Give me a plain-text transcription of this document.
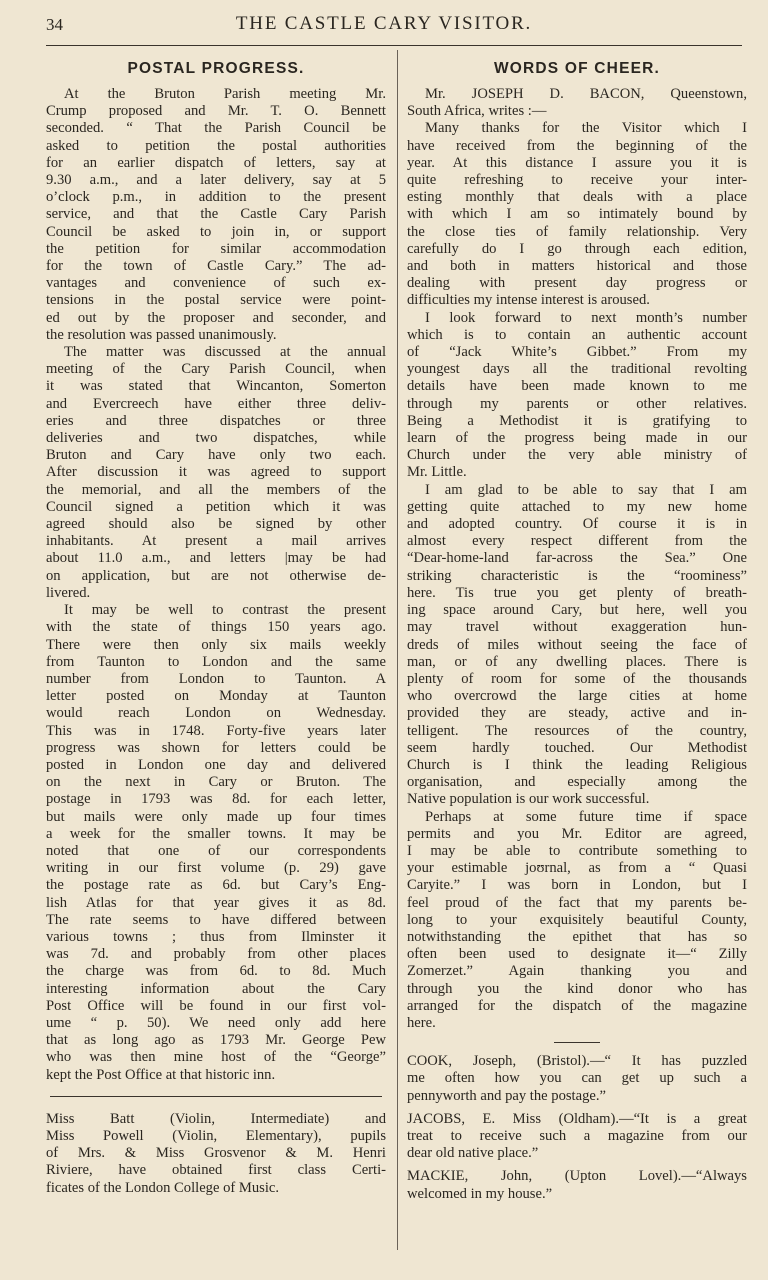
34	THE CASTLE CARY VISITOR.
POSTAL PROGRESS.

At the Bruton Parish meeting Mr.
Crump proposed and Mr. T. O. Bennett
seconded. “ That the Parish Council be
asked to petition the postal authorities
for an earlier dispatch of letters, say at
9.30 a.m., and a later delivery, say at 5
o’clock p.m., in addition to the present
service, and that the Castle Cary Parish
Council be asked to join in, or support
the petition for similar accommodation
for the town of Castle Cary.” The ad-
vantages and convenience of such ex-
tensions in the postal service were point-
ed out by the proposer and seconder, and
the resolution was passed unanimously.

The matter was discussed at the annual
meeting of the Cary Parish Council, when
it was stated that Wincanton, Somerton
and Evercreech have either three deliv-
eries and three dispatches or three
deliveries and two dispatches, while
Bruton and Cary have only two each.
After discussion it was agreed to support
the memorial, and all the members of the
Council signed a petition which it was
agreed should also be signed by other
inhabitants. At present a mail arrives
about 11.0 a.m., and letters |may be had
on application, but are not otherwise de-
livered.

It may be well to contrast the present
with the state of things 150 years ago.
There were then only six mails weekly
from Taunton to London and the same
number from London to Taunton. A
letter posted on Monday at Taunton
would reach London on Wednesday.
This was in 1748. Forty-five years later
progress was shown for letters could be
posted in London one day and delivered
on the next in Cary or Bruton. The
postage in 1793 was 8d. for each letter,
but mails were only made up four times
a week for the smaller towns. It may be
noted that one of our correspondents
writing in our first volume (p. 29) gave
the postage rate as 6d. but Cary’s Eng-
lish Atlas for that year gives it as 8d.
The rate seems to have differed between
various towns ; thus from Ilminster it
was 7d. and probably from other places
the charge was from 6d. to 8d. Much
interesting information about the Cary
Post Office will be found in our first vol-
ume “ p. 50). We need only add here
that as long ago as 1793 Mr. George Pew
who was then mine host of the “George”
kept the Post Office at that historic inn.

Miss Batt (Violin, Intermediate) and
Miss Powell (Violin, Elementary), pupils
of Mrs. & Miss Grosvenor & M. Henri
Riviere, have obtained first class Certi-
ficates of the London College of Music.

WORDS OF CHEER.

Mr. JOSEPH D. BACON, Queenstown,
South Africa, writes :—

Many thanks for the Visitor which I
have received from the beginning of the
year. At this distance I assure you it is
quite refreshing to receive your inter-
esting monthly that deals with a place
with which I am so intimately bound by
the close ties of family relationship. Very
carefully do I go through each edition,
and both in matters historical and those
dealing with present day progress or
difficulties my intense interest is aroused.

I look forward to next month’s number
which is to contain an authentic account
of “Jack White’s Gibbet.” From my
youngest days all the traditional revolting
details have been made known to me
through my parents or other relatives.
Being a Methodist it is gratifying to
learn of the progress being made in our
Church under the very able ministry of
Mr. Little.

I am glad to be able to say that I am
getting quite attached to my new home
and adopted country. Of course it is in
almost every respect different from the
“Dear-home-land far-across the Sea.” One
striking characteristic is the “roominess”
here. Tis true you get plenty of breath-
ing space around Cary, but here, well you
may travel without exaggeration hun-
dreds of miles without seeing the face of
man, or of any dwelling places. There is
plenty of room for some of the thousands
who overcrowd the large cities at home
provided they are steady, active and in-
telligent. The resources of the country,
seem hardly touched. Our Methodist
Church is I think the leading Religious
organisation, and especially among the
Native population is our work successful.

Perhaps at some future time if space
permits and you Mr. Editor are agreed,
I may be able to contribute something to
your estimable joʊrnal, as from a “ Quasi
Caryite.” I was born in London, but I
feel proud of the fact that my parents be-
long to your exquisitely beautiful County,
notwithstanding the epithet that has so
often been used to designate it—“ Zilly
Zomerzet.” Again thanking you and
through you the kind donor who has
arranged for the dispatch of the magazine
here.

COOK, Joseph, (Bristol).—“ It has puzzled
me often how you can get up such a
pennyworth and pay the postage.”

JACOBS, E. Miss (Oldham).—“It is a great
treat to receive such a magazine from our
dear old native place.”

MACKIE, John, (Upton Lovel).—“Always
welcomed in my house.”
